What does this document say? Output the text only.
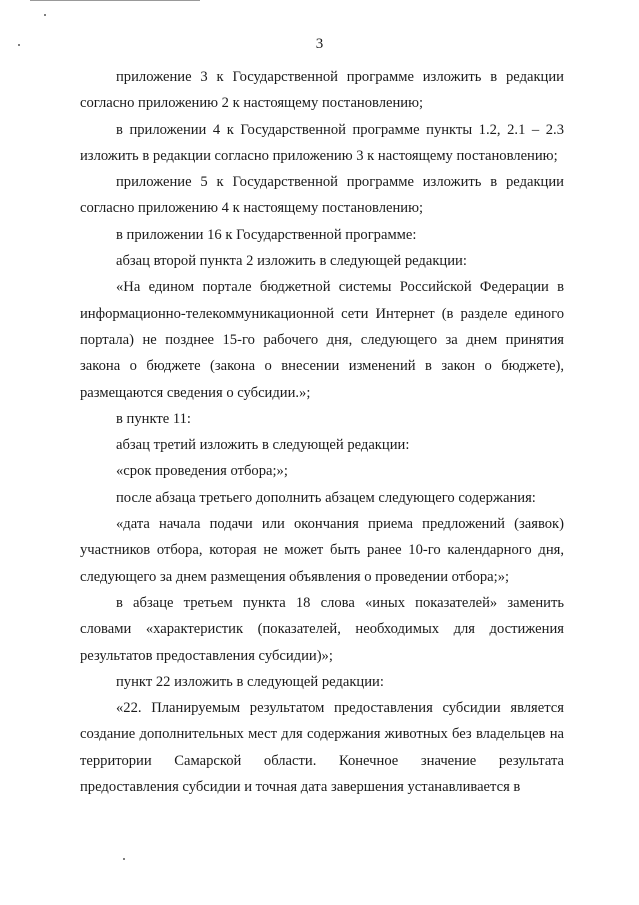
3

приложение 3 к Государственной программе изложить в редакции согласно приложению 2 к настоящему постановлению;

в приложении 4 к Государственной программе пункты 1.2, 2.1 – 2.3 изложить в редакции согласно приложению 3 к настоящему постановлению;

приложение 5 к Государственной программе изложить в редакции согласно приложению 4 к настоящему постановлению;

в приложении 16 к Государственной программе:

абзац второй пункта 2 изложить в следующей редакции:

«На едином портале бюджетной системы Российской Федерации в информационно-телекоммуникационной сети Интернет (в разделе единого портала) не позднее 15-го рабочего дня, следующего за днем принятия закона о бюджете (закона о внесении изменений в закон о бюджете), размещаются сведения о субсидии.»;

в пункте 11:

абзац третий изложить в следующей редакции:

«срок проведения отбора;»;

после абзаца третьего дополнить абзацем следующего содержания:

«дата начала подачи или окончания приема предложений (заявок) участников отбора, которая не может быть ранее 10-го календарного дня, следующего за днем размещения объявления о проведении отбора;»;

в абзаце третьем пункта 18 слова «иных показателей» заменить словами «характеристик (показателей, необходимых для достижения результатов предоставления субсидии)»;

пункт 22 изложить в следующей редакции:

«22. Планируемым результатом предоставления субсидии является создание дополнительных мест для содержания животных без владельцев на территории Самарской области. Конечное значение результата предоставления субсидии и точная дата завершения устанавливается в
